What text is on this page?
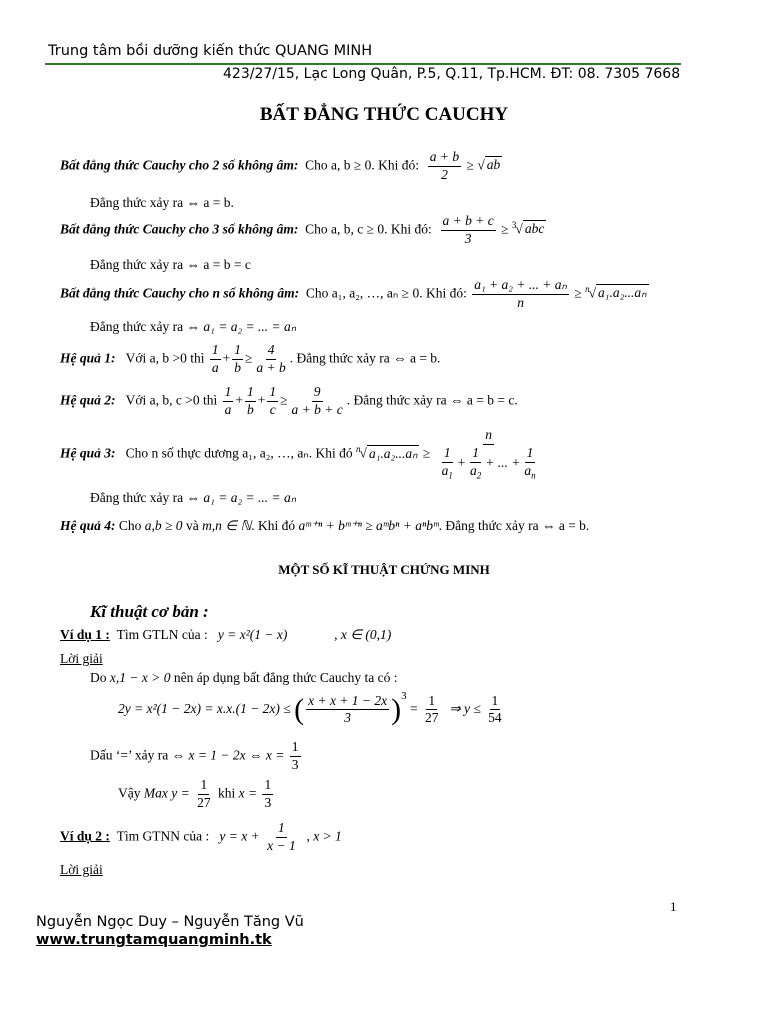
Trung tâm bồi dưỡng kiến thức QUANG MINH
423/27/15, Lạc Long Quân, P.5, Q.11, Tp.HCM. ĐT: 08. 7305 7668
BẤT ĐẲNG THỨC CAUCHY
Bất đẳng thức Cauchy cho 2 số không âm: Cho a, b ≥ 0. Khi đó: $\frac{a + b}{2}$ ≥ √ ab
Đẳng thức xảy ra ⇔ a = b.
Bất đẳng thức Cauchy cho 3 số không âm: Cho a, b, c ≥ 0. Khi đó: $\frac{a + b + c}{3} \ge ^3√$ abc
Đẳng thức xảy ra ⇔ a = b = c
Bất đẳng thức Cauchy cho n số không âm: Cho a₁, a₂, …, aₙ ≥ 0. Khi đó: $\frac{\text{a₁ + a₂ + ... + aₙ}}{n} \ge ^n√$ a₁.a₂...aₙ
Đẳng thức xảy ra ⇔ a₁ = a₂ = ... = aₙ
Hệ quả 1: Với a, b >0 thì $\frac{1}{a} + \frac{1}{b} \ge \frac{4}{a + b}$ . Đẳng thức xảy ra ⇔ a = b.
Hệ quả 2: Với a, b, c >0 thì $\frac{1}{a} + \frac{1}{b} + \frac{1}{c} \ge \frac{9}{a + b + c}$ . Đẳng thức xảy ra ⇔ a = b = c.
Hệ quả 3: Cho n số thực dương a₁, a₂, …, aₙ. Khi đó $^n$√ $a_1.a_2...a_n \ge \frac{n}{\frac{1}{a_1} + \frac{1}{a_2} + ... + \frac{1}{a_n}}$
Đẳng thức xảy ra ⇔ a₁ = a₂ = ... = aₙ
Hệ quả 4: Cho a,b ≥ 0 và m,n ∈ ℕ. Khi đó aᵐ⁺ⁿ + bᵐ⁺ⁿ ≥ aᵐbⁿ + aⁿbᵐ. Đẳng thức xảy ra ⇔ a = b.
MỘT SỐ KĨ THUẬT CHỨNG MINH
Kĩ thuật cơ bản :
Ví dụ 1 : Tìm GTLN của : y = x²(1 − x)	, x ∈ (0,1)
Lời giải
Do x,1 − x > 0 nên áp dụng bất đẳng thức Cauchy ta có :
2y = x²(1 − 2x) = x.x.(1 − 2x) ≤ ( $\frac{x + x + 1 - 2x}{3} )^3 = \frac{1}{27}$ ⇒ $y \le \frac{1}{54}$
Dấu ‘=’ xảy ra ⇔ x = 1 − 2x ⇔ $x = \frac{1}{3}$
Vậy Max $y = \frac{1}{27}$ khi $x = \frac{1}{3}$
Ví dụ 2 : Tìm GTNN của : $y = x + \frac{1}{x - 1}$ , x > 1
Lời giải
1
Nguyễn Ngọc Duy – Nguyễn Tăng Vũ
www.trungtamquangminh.tk
